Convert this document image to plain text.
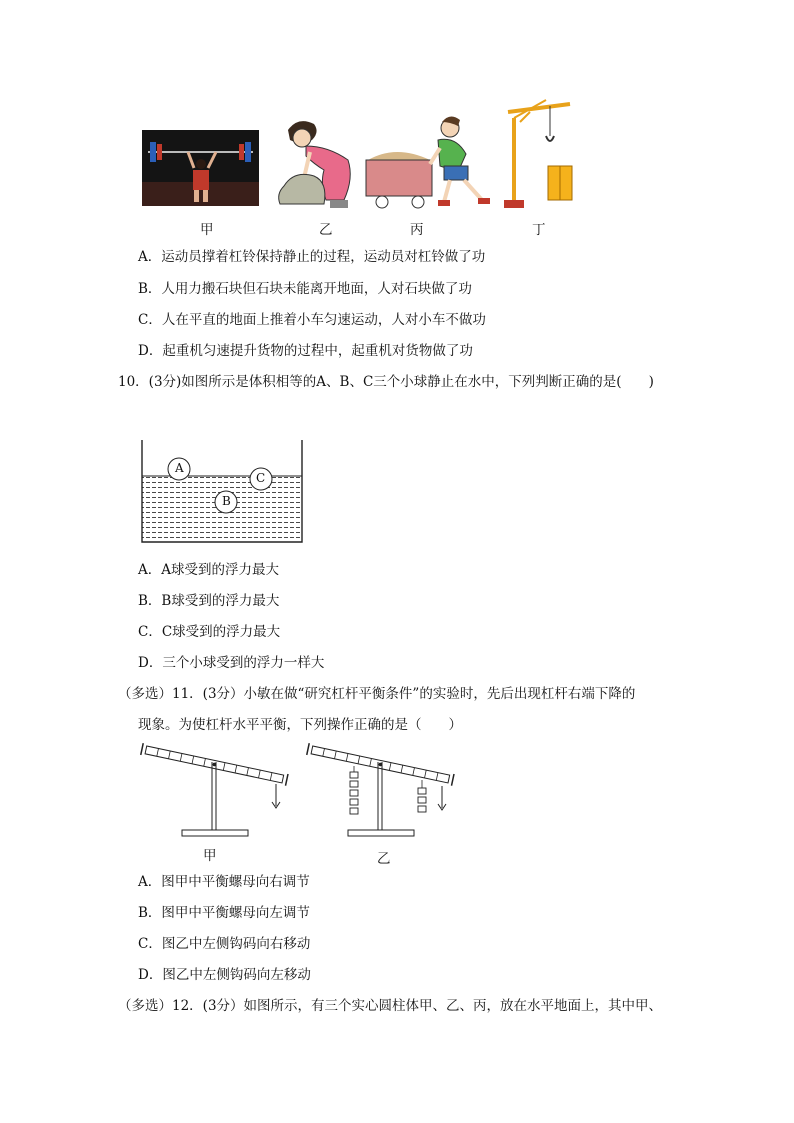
甲	乙	丙	丁
A．运动员撑着杠铃保持静止的过程，运动员对杠铃做了功
B．人用力搬石块但石块未能离开地面，人对石块做了功
C．人在平直的地面上推着小车匀速运动，人对小车不做功
D．起重机匀速提升货物的过程中，起重机对货物做了功
10．(3分)如图所示是体积相等的A、B、C三个小球静止在水中，下列判断正确的是(　　)
A
B
C
A．A球受到的浮力最大
B．B球受到的浮力最大
C．C球受到的浮力最大
D．三个小球受到的浮力一样大
（多选）11．(3分）小敏在做“研究杠杆平衡条件”的实验时，先后出现杠杆右端下降的
现象。为使杠杆水平平衡，下列操作正确的是（　　）
甲	乙
A．图甲中平衡螺母向右调节
B．图甲中平衡螺母向左调节
C．图乙中左侧钩码向右移动
D．图乙中左侧钩码向左移动
（多选）12．(3分）如图所示，有三个实心圆柱体甲、乙、丙，放在水平地面上，其中甲、
